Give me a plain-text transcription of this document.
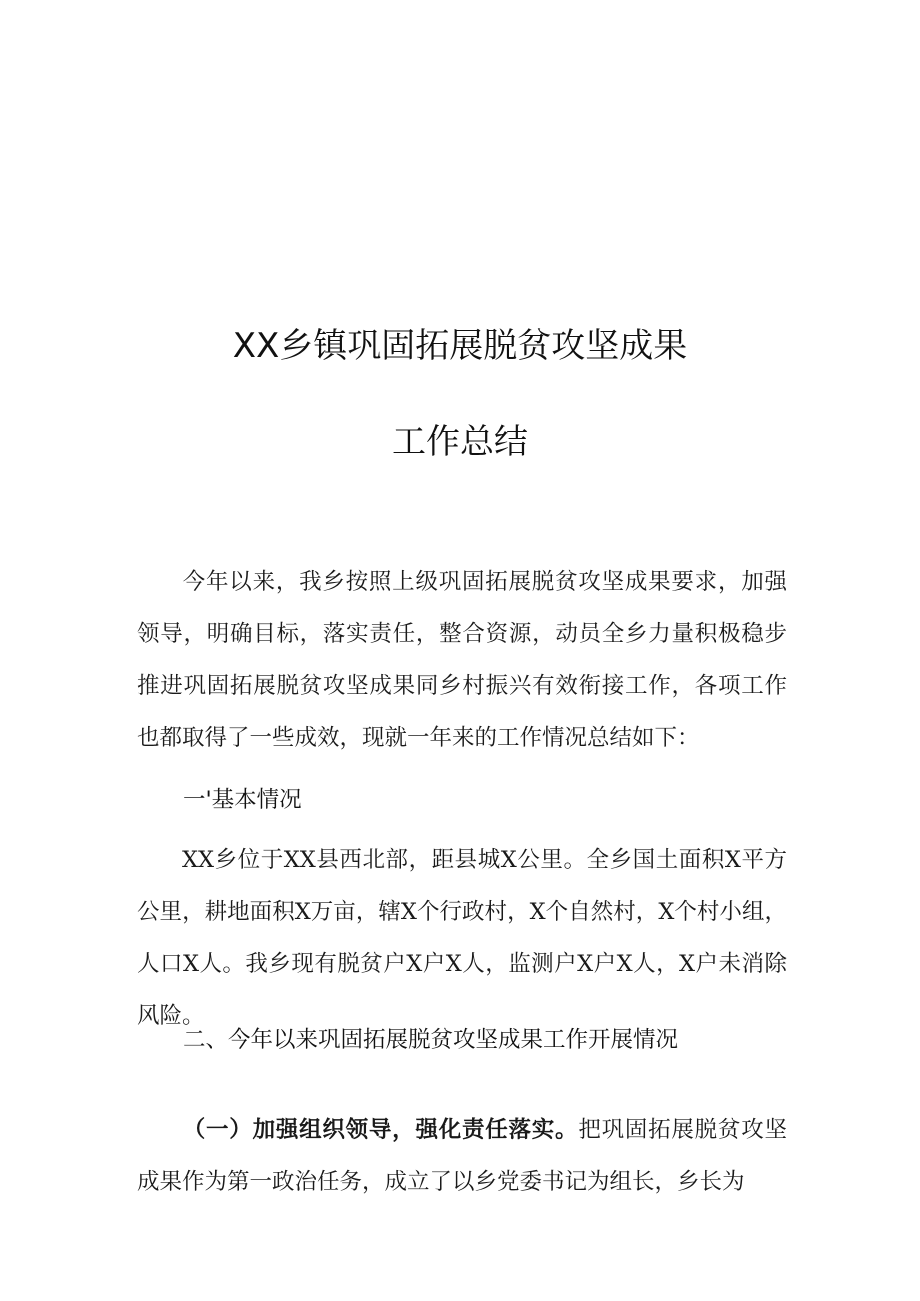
XX乡镇巩固拓展脱贫攻坚成果
工作总结
今年以来，我乡按照上级巩固拓展脱贫攻坚成果要求，加强领导，明确目标，落实责任，整合资源，动员全乡力量积极稳步推进巩固拓展脱贫攻坚成果同乡村振兴有效衔接工作，各项工作也都取得了一些成效，现就一年来的工作情况总结如下：
一'基本情况
XX乡位于XX县西北部，距县城X公里。全乡国土面积X平方公里，耕地面积X万亩，辖X个行政村，X个自然村，X个村小组，人口X人。我乡现有脱贫户X户X人，监测户X户X人，X户未消除风险。
二、今年以来巩固拓展脱贫攻坚成果工作开展情况
（一）加强组织领导，强化责任落实。把巩固拓展脱贫攻坚成果作为第一政治任务，成立了以乡党委书记为组长，乡长为
